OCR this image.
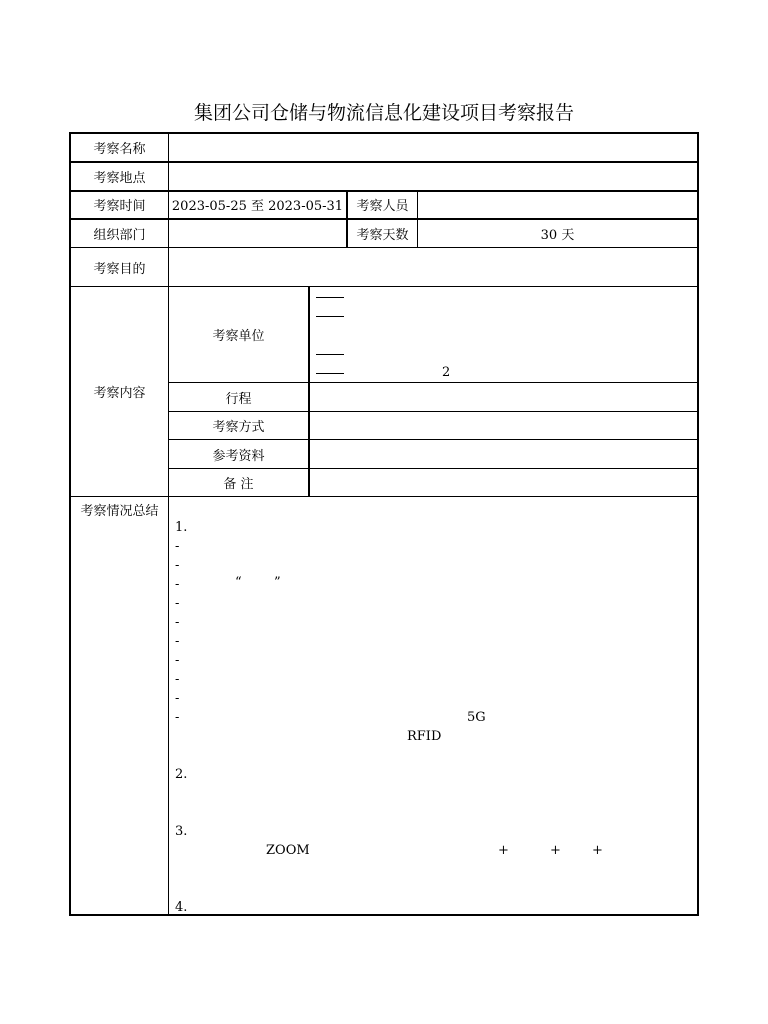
集团公司仓储与物流信息化建设项目考察报告
考察名称
考察地点
考察时间	2023-05-25 至 2023-05-31	考察人员
组织部门	考察天数	30 天
考察目的
考察内容
考察单位
2
行程
考察方式
参考资料
备 注
考察情况总结
1.
-
-
-	“ ”
-
-
-
-
-
-
-	5G
RFID
2.
3.
ZOOM	+	+ +
4.
